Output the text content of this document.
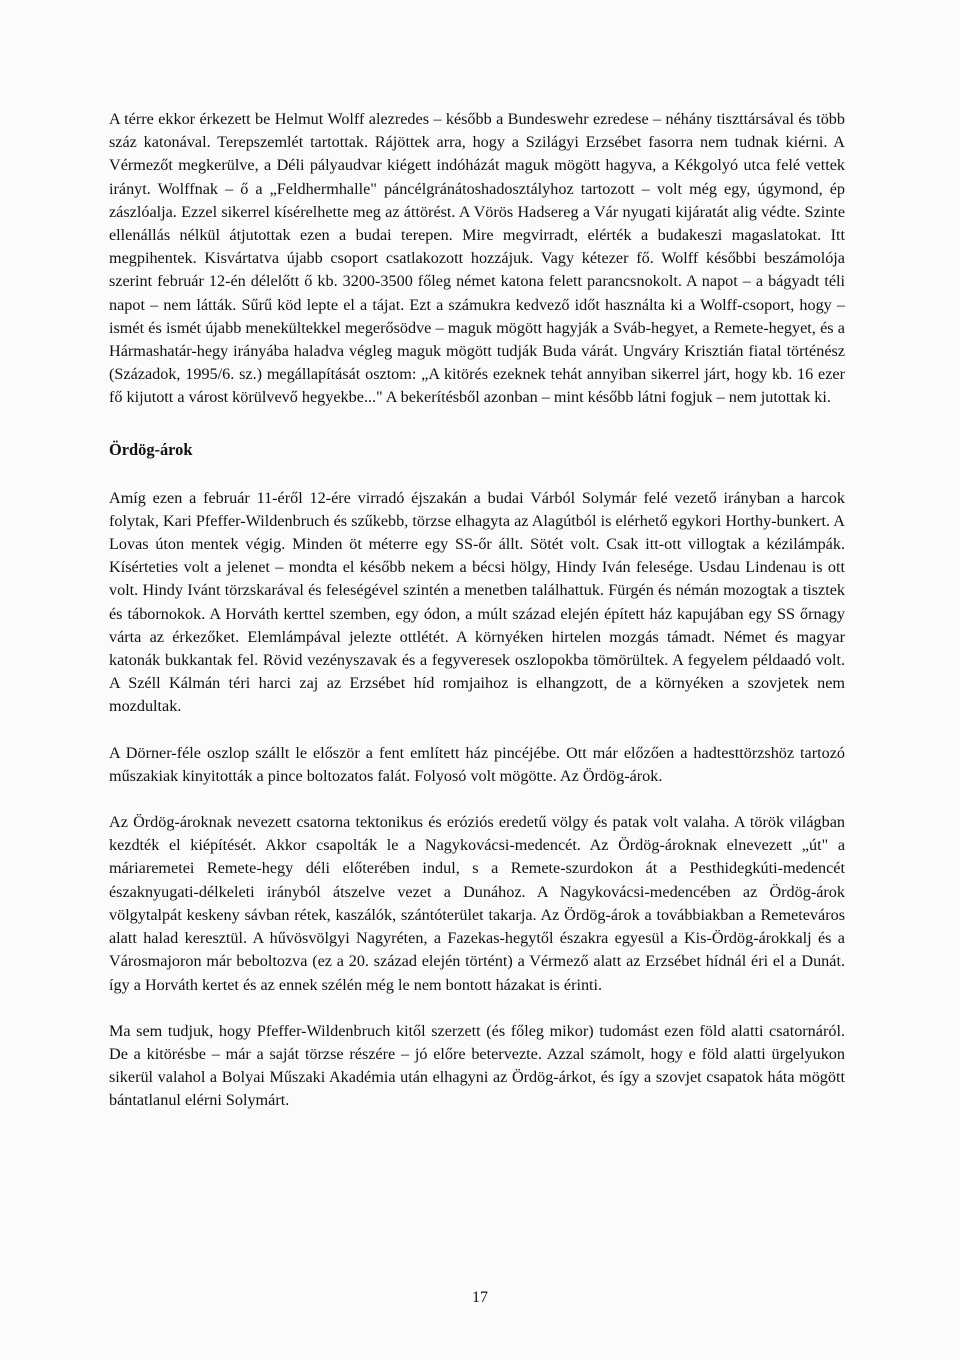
A térre ekkor érkezett be Helmut Wolff alezredes – később a Bundeswehr ezredese – néhány tiszttársával és több száz katonával. Terepszemlét tartottak. Rájöttek arra, hogy a Szilágyi Erzsébet fasorra nem tudnak kiérni. A Vérmezőt megkerülve, a Déli pályaudvar kiégett indóházát maguk mögött hagyva, a Kékgolyó utca felé vettek irányt. Wolffnak – ő a „Feldhermhalle" páncélgránátoshadosztályhoz tartozott – volt még egy, úgymond, ép zászlóalja. Ezzel sikerrel kísérelhette meg az áttörést. A Vörös Hadsereg a Vár nyugati kijáratát alig védte. Szinte ellenállás nélkül átjutottak ezen a budai terepen. Mire megvirradt, elérték a budakeszi magaslatokat. Itt megpihentek. Kisvártatva újabb csoport csatlakozott hozzájuk. Vagy kétezer fő. Wolff későbbi beszámolója szerint február 12-én délelőtt ő kb. 3200-3500 főleg német katona felett parancsnokolt. A napot – a bágyadt téli napot – nem látták. Sűrű köd lepte el a tájat. Ezt a számukra kedvező időt használta ki a Wolff-csoport, hogy – ismét és ismét újabb menekültekkel megerősödve – maguk mögött hagyják a Sváb-hegyet, a Remete-hegyet, és a Hármashatár-hegy irányába haladva végleg maguk mögött tudják Buda várát. Ungváry Krisztián fiatal történész (Századok, 1995/6. sz.) megállapítását osztom: „A kitörés ezeknek tehát annyiban sikerrel járt, hogy kb. 16 ezer fő kijutott a várost körülvevő hegyekbe..." A bekerítésből azonban – mint később látni fogjuk – nem jutottak ki.

Ördög-árok

Amíg ezen a február 11-éről 12-ére virradó éjszakán a budai Várból Solymár felé vezető irányban a harcok folytak, Kari Pfeffer-Wildenbruch és szűkebb, törzse elhagyta az Alagútból is elérhető egykori Horthy-bunkert. A Lovas úton mentek végig. Minden öt méterre egy SS-őr állt. Sötét volt. Csak itt-ott villogtak a kézilámpák. Kísérteties volt a jelenet – mondta el később nekem a bécsi hölgy, Hindy Iván felesége. Usdau Lindenau is ott volt. Hindy Ivánt törzskarával és feleségével szintén a menetben találhattuk. Fürgén és némán mozogtak a tisztek és tábornokok. A Horváth kerttel szemben, egy ódon, a múlt század elején épített ház kapujában egy SS őrnagy várta az érkezőket. Elemlámpával jelezte ottlétét. A környéken hirtelen mozgás támadt. Német és magyar katonák bukkantak fel. Rövid vezényszavak és a fegyveresek oszlopokba tömörültek. A fegyelem példaadó volt. A Széll Kálmán téri harci zaj az Erzsébet híd romjaihoz is elhangzott, de a környéken a szovjetek nem mozdultak.

A Dörner-féle oszlop szállt le először a fent említett ház pincéjébe. Ott már előzően a hadtesttörzshöz tartozó műszakiak kinyitották a pince boltozatos falát. Folyosó volt mögötte. Az Ördög-árok.

Az Ördög-ároknak nevezett csatorna tektonikus és eróziós eredetű völgy és patak volt valaha. A török világban kezdték el kiépítését. Akkor csapolták le a Nagykovácsi-medencét. Az Ördög-ároknak elnevezett „út" a máriaremetei Remete-hegy déli előterében indul, s a Remete-szurdokon át a Pesthidegkúti-medencét északnyugati-délkeleti irányból átszelve vezet a Dunához. A Nagykovácsi-medencében az Ördög-árok völgytalpát keskeny sávban rétek, kaszálók, szántóterület takarja. Az Ördög-árok a továbbiakban a Remeteváros alatt halad keresztül. A hűvösvölgyi Nagyréten, a Fazekas-hegytől északra egyesül a Kis-Ördög-árokkalj és a Városmajoron már beboltozva (ez a 20. század elején történt) a Vérmező alatt az Erzsébet hídnál éri el a Dunát. így a Horváth kertet és az ennek szélén még le nem bontott házakat is érinti.

Ma sem tudjuk, hogy Pfeffer-Wildenbruch kitől szerzett (és főleg mikor) tudomást ezen föld alatti csatornáról. De a kitörésbe – már a saját törzse részére – jó előre betervezte. Azzal számolt, hogy e föld alatti ürgelyukon sikerül valahol a Bolyai Műszaki Akadémia után elhagyni az Ördög-árkot, és így a szovjet csapatok háta mögött bántatlanul elérni Solymárt.

17
